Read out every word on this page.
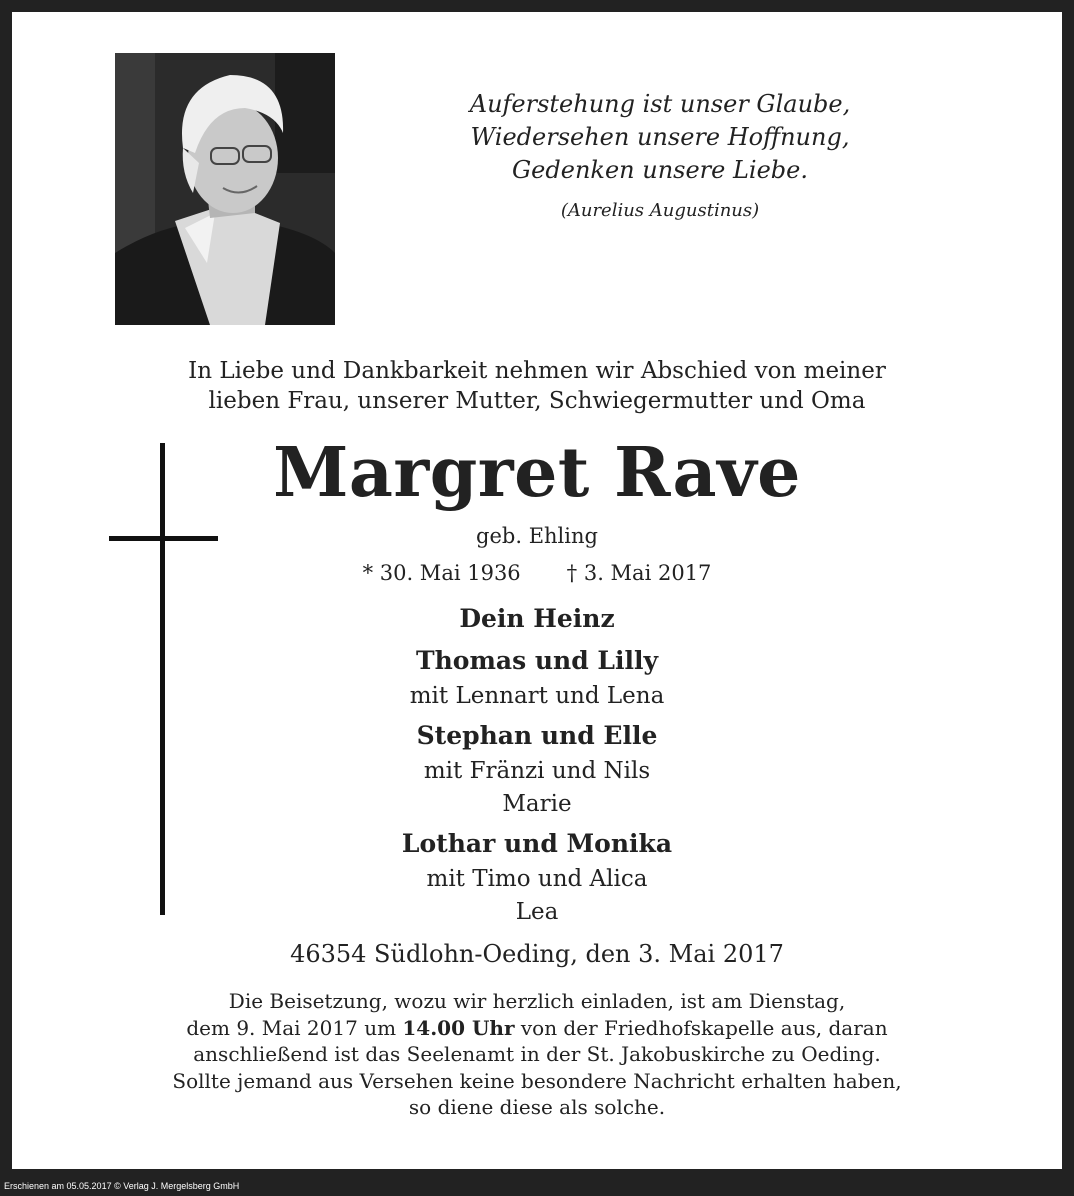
Auferstehung ist unser Glaube,
Wiedersehen unsere Hoffnung,
Gedenken unsere Liebe.
(Aurelius Augustinus)
In Liebe und Dankbarkeit nehmen wir Abschied von meiner
lieben Frau, unserer Mutter, Schwiegermutter und Oma
Margret Rave
geb. Ehling
* 30. Mai 1936 † 3. Mai 2017
Dein Heinz
Thomas und Lilly
mit Lennart und Lena
Stephan und Elle
mit Fränzi und Nils
Marie
Lothar und Monika
mit Timo und Alica
Lea
46354 Südlohn-Oeding, den 3. Mai 2017
Die Beisetzung, wozu wir herzlich einladen, ist am Dienstag,
dem 9. Mai 2017 um 14.00 Uhr von der Friedhofskapelle aus, daran
anschließend ist das Seelenamt in der St. Jakobuskirche zu Oeding.
Sollte jemand aus Versehen keine besondere Nachricht erhalten haben,
so diene diese als solche.
Erschienen am 05.05.2017 © Verlag J. Mergelsberg GmbH
